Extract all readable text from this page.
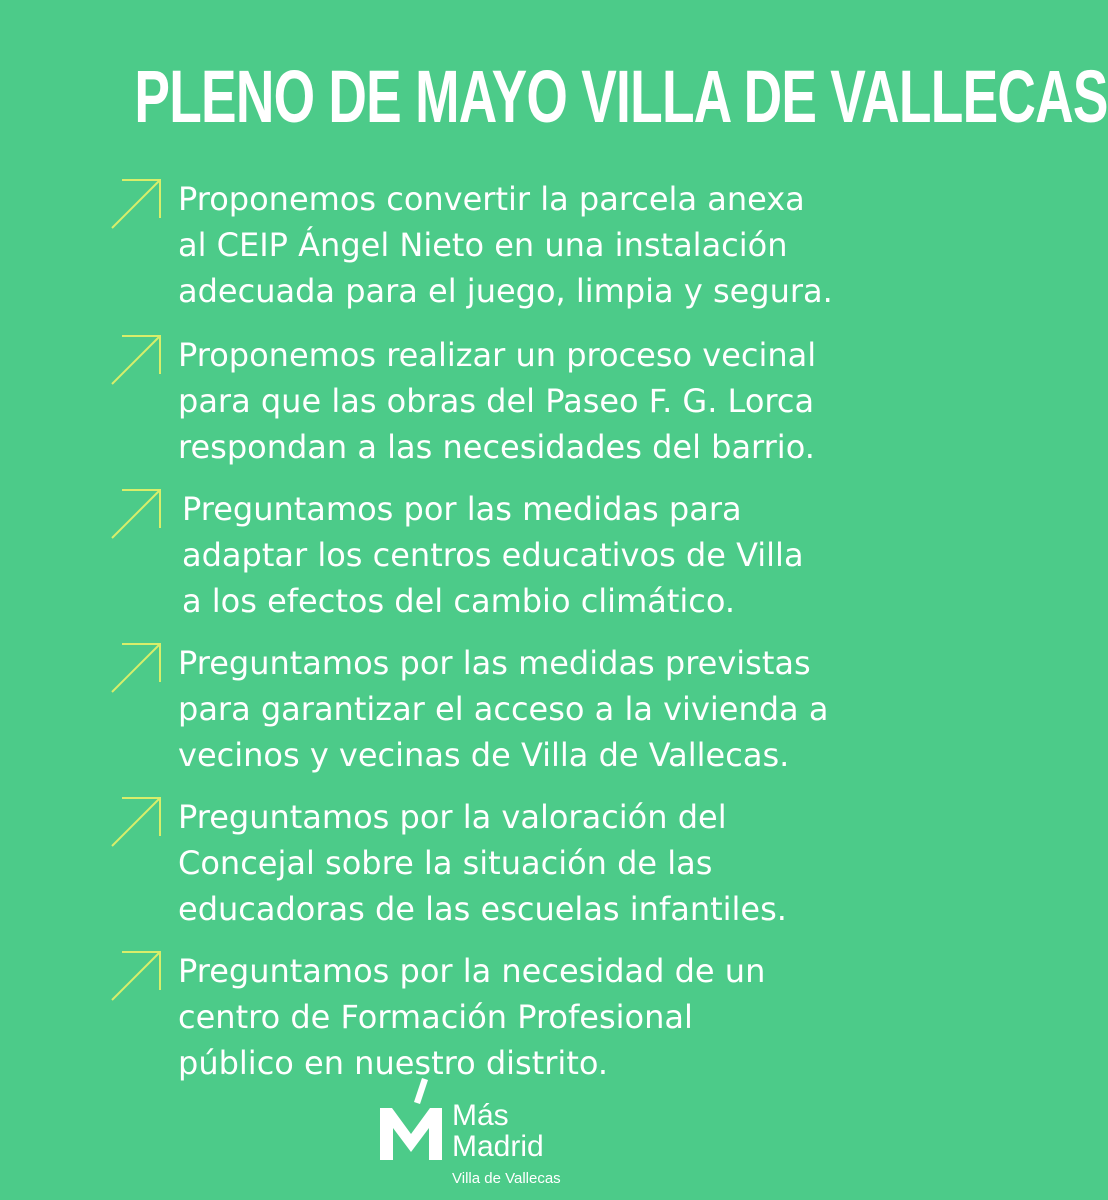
PLENO DE MAYO VILLA DE VALLECAS
Proponemos convertir la parcela anexa
al CEIP Ángel Nieto en una instalación
adecuada para el juego, limpia y segura.
Proponemos realizar un proceso vecinal
para que las obras del Paseo F. G. Lorca
respondan a las necesidades del barrio.
Preguntamos por las medidas para
adaptar los centros educativos de Villa
a los efectos del cambio climático.
Preguntamos por las medidas previstas
para garantizar el acceso a la vivienda a
vecinos y vecinas de Villa de Vallecas.
Preguntamos por la valoración del
Concejal sobre la situación de las
educadoras de las escuelas infantiles.
Preguntamos por la necesidad de un
centro de Formación Profesional
público en nuestro distrito.
Más
Madrid
Villa de Vallecas
